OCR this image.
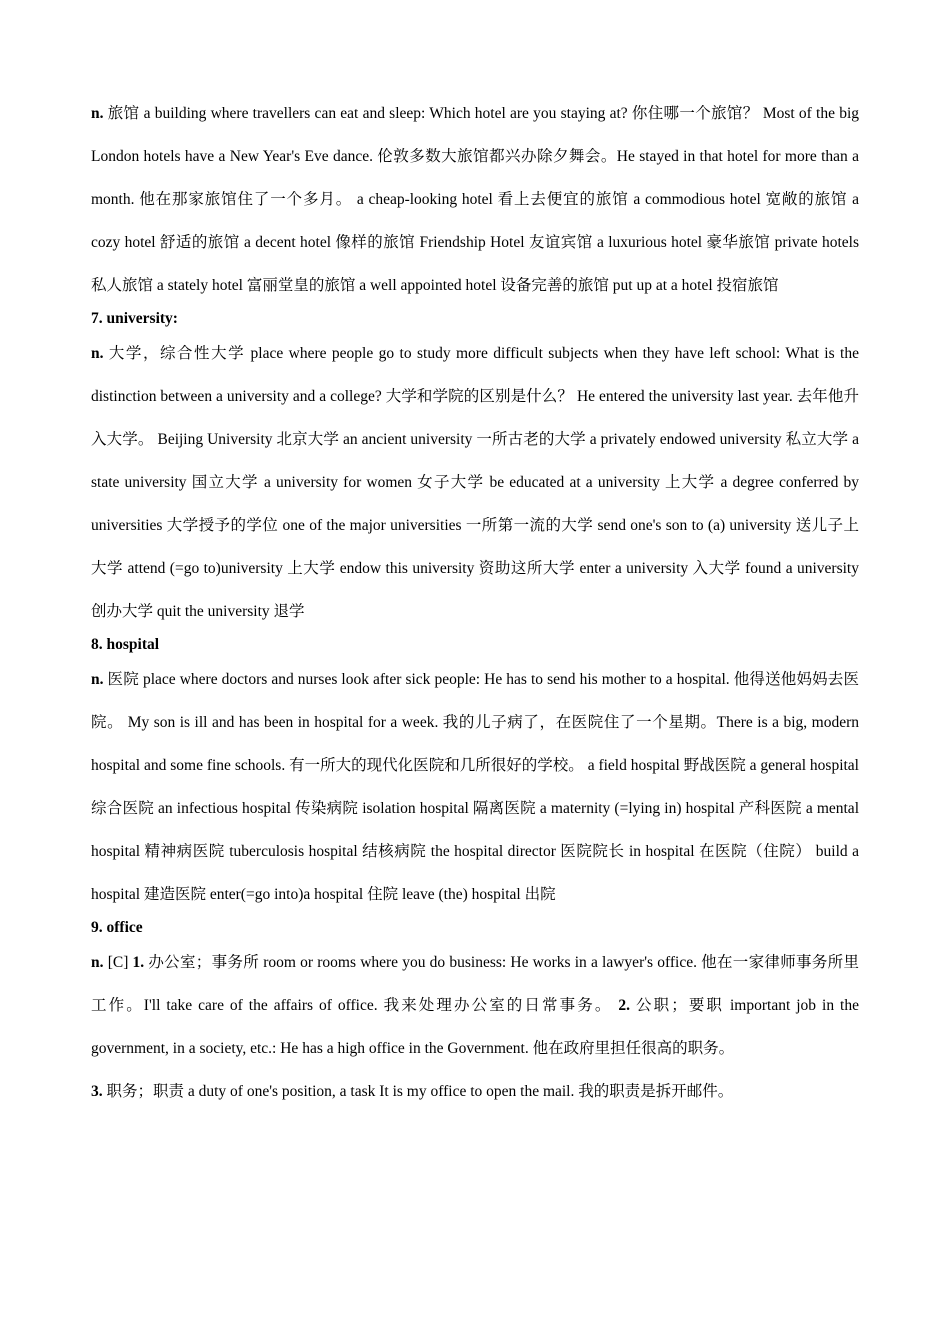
n. 旅馆 a building where travellers can eat and sleep: Which hotel are you staying at? 你住哪一个旅馆？ Most of the big London hotels have a New Year's Eve dance. 伦敦多数大旅馆都兴办除夕舞会。He stayed in that hotel for more than a month. 他在那家旅馆住了一个多月。 a cheap-looking hotel 看上去便宜的旅馆 a commodious hotel 宽敞的旅馆 a cozy hotel 舒适的旅馆 a decent hotel 像样的旅馆 Friendship Hotel 友谊宾馆 a luxurious hotel 豪华旅馆 private hotels 私人旅馆 a stately hotel 富丽堂皇的旅馆 a well appointed hotel 设备完善的旅馆 put up at a hotel 投宿旅馆

7. university:

n. 大学，综合性大学 place where people go to study more difficult subjects when they have left school: What is the distinction between a university and a college? 大学和学院的区别是什么？ He entered the university last year. 去年他升入大学。 Beijing University 北京大学 an ancient university 一所古老的大学 a privately endowed university 私立大学 a state university 国立大学 a university for women 女子大学 be educated at a university 上大学 a degree conferred by universities 大学授予的学位 one of the major universities 一所第一流的大学 send one's son to (a) university 送儿子上大学 attend (=go to)university 上大学 endow this university 资助这所大学 enter a university 入大学 found a university 创办大学 quit the university 退学

8. hospital

n. 医院 place where doctors and nurses look after sick people: He has to send his mother to a hospital. 他得送他妈妈去医院。 My son is ill and has been in hospital for a week. 我的儿子病了，在医院住了一个星期。There is a big, modern hospital and some fine schools. 有一所大的现代化医院和几所很好的学校。 a field hospital 野战医院 a general hospital 综合医院 an infectious hospital 传染病院 isolation hospital 隔离医院 a maternity (=lying in) hospital 产科医院 a mental hospital 精神病医院 tuberculosis hospital 结核病院 the hospital director 医院院长 in hospital 在医院（住院） build a hospital 建造医院 enter(=go into)a hospital 住院 leave (the) hospital 出院

9. office

n. [C] 1. 办公室；事务所 room or rooms where you do business: He works in a lawyer's office. 他在一家律师事务所里工作。I'll take care of the affairs of office. 我来处理办公室的日常事务。 2. 公职；要职 important job in the government, in a society, etc.: He has a high office in the Government. 他在政府里担任很高的职务。
3. 职务；职责 a duty of one's position, a task It is my office to open the mail. 我的职责是拆开邮件。
